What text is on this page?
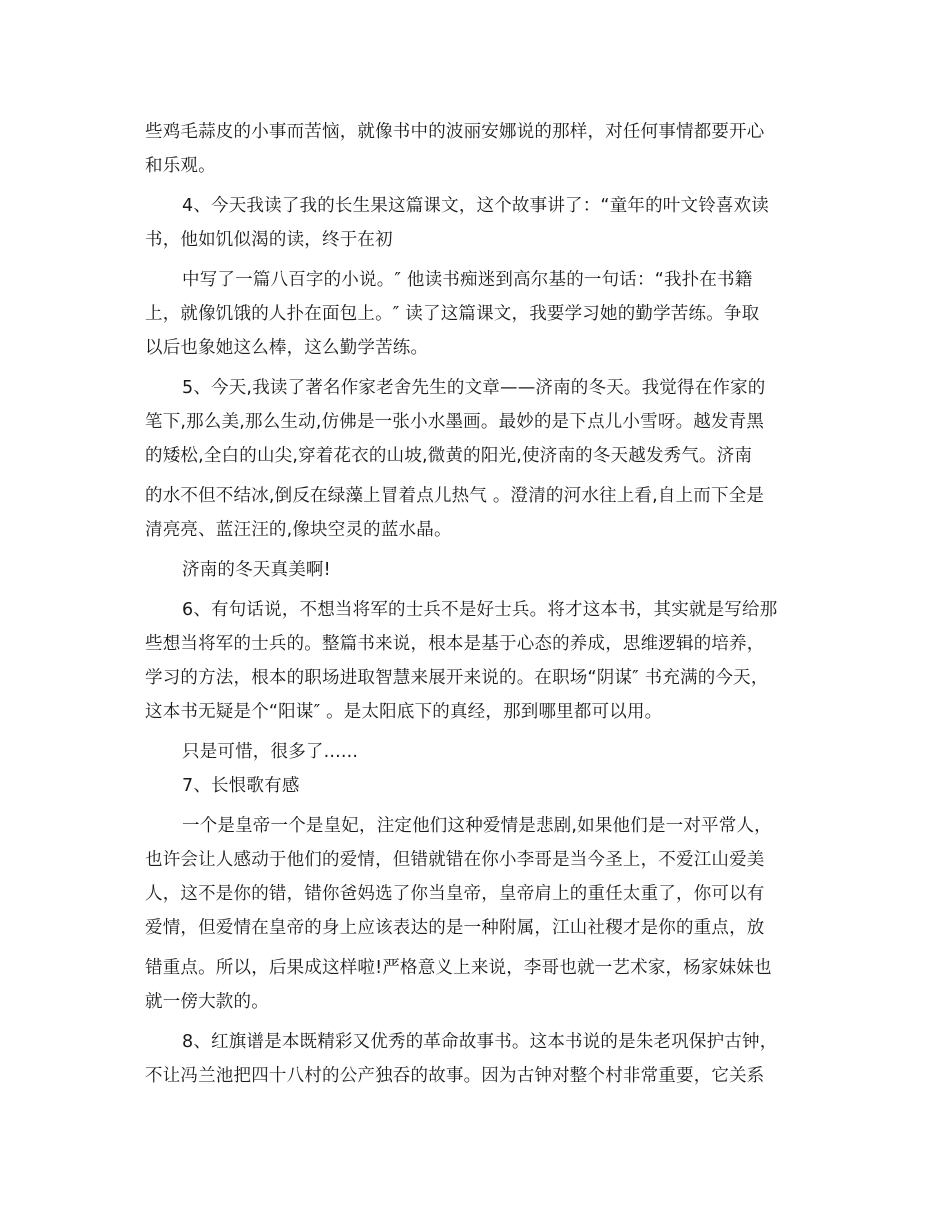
些鸡毛蒜皮的小事而苦恼，就像书中的波丽安娜说的那样，对任何事情都要开心
和乐观。
4、今天我读了我的长生果这篇课文，这个故事讲了：“童年的叶文铃喜欢读
书，他如饥似渴的读，终于在初
中写了一篇八百字的小说。″ 他读书痴迷到高尔基的一句话：“我扑在书籍
上，就像饥饿的人扑在面包上。″ 读了这篇课文，我要学习她的勤学苦练。争取
以后也象她这么棒，这么勤学苦练。
5、今天,我读了著名作家老舍先生的文章——济南的冬天。我觉得在作家的
笔下,那么美,那么生动,仿佛是一张小水墨画。最妙的是下点儿小雪呀。越发青黑
的矮松,全白的山尖,穿着花衣的山坡,微黄的阳光,使济南的冬天越发秀气。济南
的水不但不结冰,倒反在绿藻上冒着点儿热气 。澄清的河水往上看,自上而下全是
清亮亮、蓝汪汪的,像块空灵的蓝水晶。
济南的冬天真美啊!
6、有句话说，不想当将军的士兵不是好士兵。将才这本书，其实就是写给那
些想当将军的士兵的。整篇书来说，根本是基于心态的养成，思维逻辑的培养，
学习的方法，根本的职场进取智慧来展开来说的。在职场“阴谋″ 书充满的今天，
这本书无疑是个“阳谋″ 。是太阳底下的真经，那到哪里都可以用。
只是可惜，很多了......
7、长恨歌有感
一个是皇帝一个是皇妃，注定他们这种爱情是悲剧,如果他们是一对平常人，
也许会让人感动于他们的爱情，但错就错在你小李哥是当今圣上，不爱江山爱美
人，这不是你的错，错你爸妈选了你当皇帝，皇帝肩上的重任太重了，你可以有
爱情，但爱情在皇帝的身上应该表达的是一种附属，江山社稷才是你的重点，放
错重点。所以，后果成这样啦!严格意义上来说，李哥也就一艺术家，杨家妹妹也
就一傍大款的。
8、红旗谱是本既精彩又优秀的革命故事书。这本书说的是朱老巩保护古钟，
不让冯兰池把四十八村的公产独吞的故事。因为古钟对整个村非常重要，它关系
